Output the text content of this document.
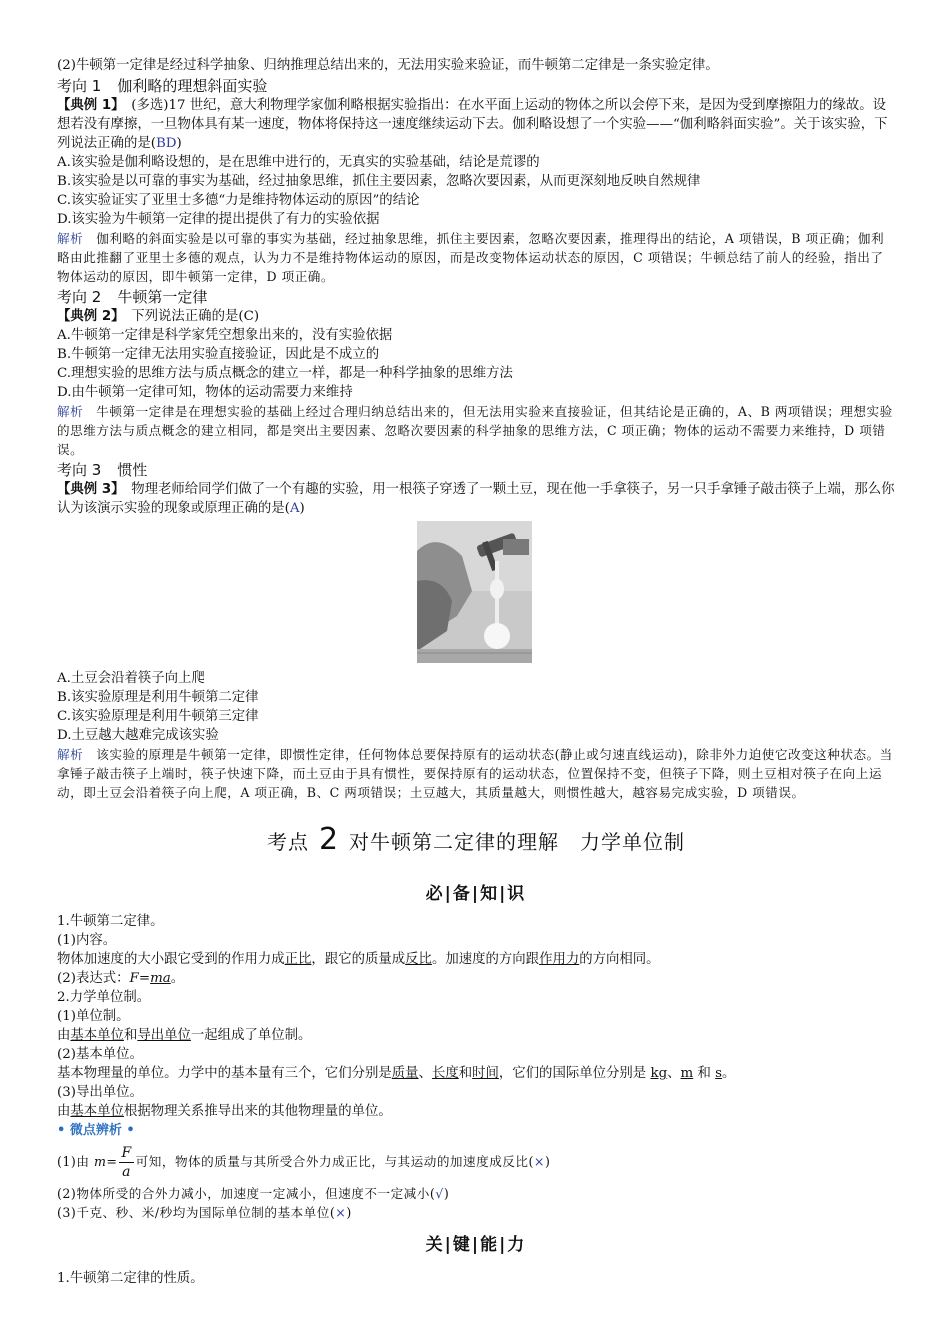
(2)牛顿第一定律是经过科学抽象、归纳推理总结出来的，无法用实验来验证，而牛顿第二定律是一条实验定律。
考向 1 伽利略的理想斜面实验
【典例 1】　 (多选)17 世纪，意大利物理学家伽利略根据实验指出：在水平面上运动的物体之所以会停下来，是因为受到摩擦阻力的缘故。设想若没有摩擦，一旦物体具有某一速度，物体将保持这一速度继续运动下去。伽利略设想了一个实验——“伽利略斜面实验”。关于该实验，下列说法正确的是(BD)
A.该实验是伽利略设想的，是在思维中进行的，无真实的实验基础，结论是荒谬的
B.该实验是以可靠的事实为基础，经过抽象思维，抓住主要因素，忽略次要因素，从而更深刻地反映自然规律
C.该实验证实了亚里士多德“力是维持物体运动的原因”的结论
D.该实验为牛顿第一定律的提出提供了有力的实验依据
解析　 伽利略的斜面实验是以可靠的事实为基础，经过抽象思维，抓住主要因素，忽略次要因素，推理得出的结论，A 项错误，B 项正确；伽利略由此推翻了亚里士多德的观点，认为力不是维持物体运动的原因，而是改变物体运动状态的原因，C 项错误；牛顿总结了前人的经验，指出了物体运动的原因，即牛顿第一定律，D 项正确。
考向 2 牛顿第一定律
【典例 2】　 下列说法正确的是(C)
A.牛顿第一定律是科学家凭空想象出来的，没有实验依据
B.牛顿第一定律无法用实验直接验证，因此是不成立的
C.理想实验的思维方法与质点概念的建立一样，都是一种科学抽象的思维方法
D.由牛顿第一定律可知，物体的运动需要力来维持
解析　 牛顿第一定律是在理想实验的基础上经过合理归纳总结出来的，但无法用实验来直接验证，但其结论是正确的，A、B 两项错误；理想实验的思维方法与质点概念的建立相同，都是突出主要因素、忽略次要因素的科学抽象的思维方法，C 项正确；物体的运动不需要力来维持，D 项错误。
考向 3 惯性
【典例 3】　 物理老师给同学们做了一个有趣的实验，用一根筷子穿透了一颗土豆，现在他一手拿筷子，另一只手拿锤子敲击筷子上端，那么你认为该演示实验的现象或原理正确的是(A)
A.土豆会沿着筷子向上爬
B.该实验原理是利用牛顿第二定律
C.该实验原理是利用牛顿第三定律
D.土豆越大越难完成该实验
解析　 该实验的原理是牛顿第一定律，即惯性定律，任何物体总要保持原有的运动状态(静止或匀速直线运动)，除非外力迫使它改变这种状态。当拿锤子敲击筷子上端时，筷子快速下降，而土豆由于具有惯性，要保持原有的运动状态，位置保持不变，但筷子下降，则土豆相对筷子在向上运动，即土豆会沿着筷子向上爬，A 项正确，B、C 两项错误；土豆越大，其质量越大，则惯性越大，越容易完成实验，D 项错误。
考点 2 对牛顿第二定律的理解　力学单位制
必|备|知|识
1.牛顿第二定律。
(1)内容。
物体加速度的大小跟它受到的作用力成正比，跟它的质量成反比。加速度的方向跟作用力的方向相同。
(2)表达式：F=ma。
2.力学单位制。
(1)单位制。
由基本单位和导出单位一起组成了单位制。
(2)基本单位。
基本物理量的单位。力学中的基本量有三个，它们分别是质量、长度和时间，它们的国际单位分别是 kg、m 和 s。
(3)导出单位。
由基本单位根据物理关系推导出来的其他物理量的单位。
• 微点辨析 •
(1)由 $m= \frac{F}{a}$ 可知，物体的质量与其所受合外力成正比，与其运动的加速度成反比(×)
(2)物体所受的合外力减小，加速度一定减小，但速度不一定减小(√)
(3)千克、秒、米/秒均为国际单位制的基本单位(×)
关|键|能|力
1.牛顿第二定律的性质。
